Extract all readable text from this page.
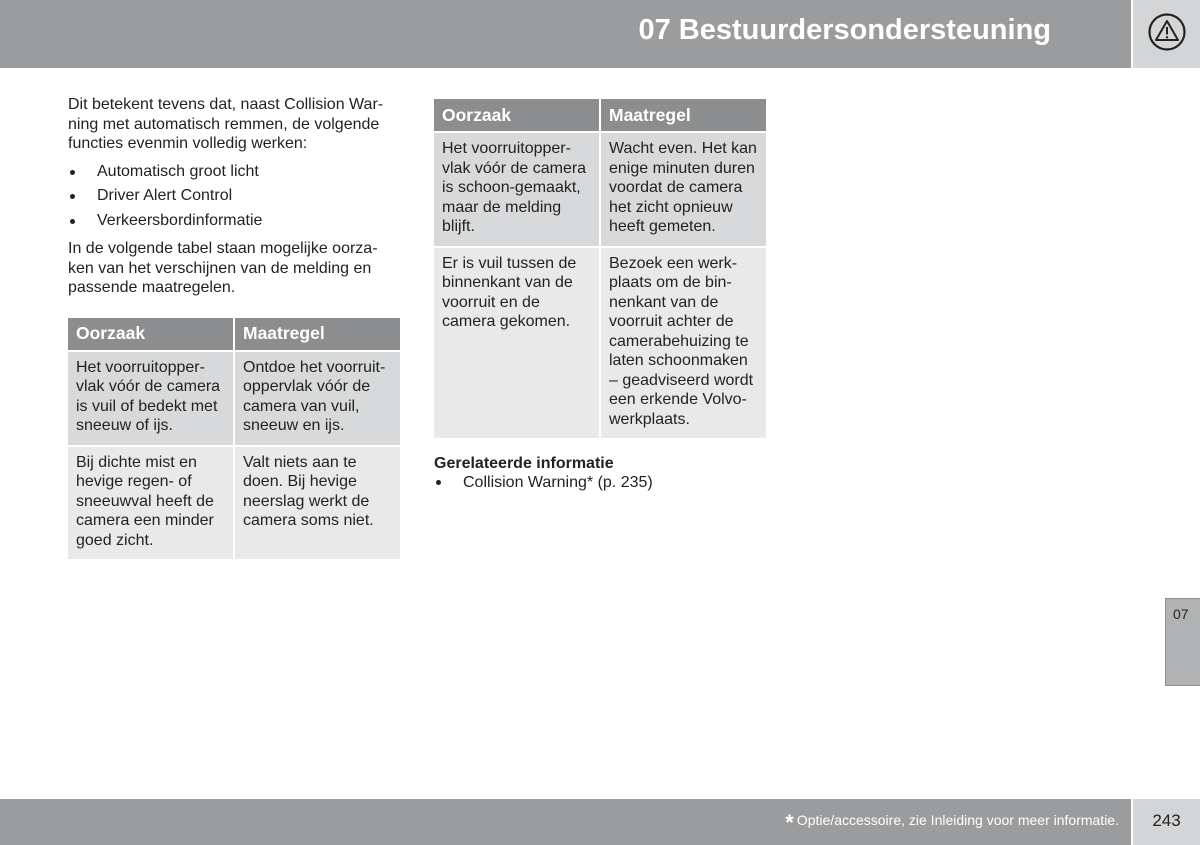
07 Bestuurdersondersteuning

Dit betekent tevens dat, naast Collision War-ning met automatisch remmen, de volgende functies evenmin volledig werken:

Automatisch groot licht
Driver Alert Control
Verkeersbordinformatie

In de volgende tabel staan mogelijke oorza-ken van het verschijnen van de melding en passende maatregelen.

Oorzaak	Maatregel
Het voorruitopper-vlak vóór de camera is vuil of bedekt met sneeuw of ijs.	Ontdoe het voorruit-oppervlak vóór de camera van vuil, sneeuw en ijs.
Bij dichte mist en hevige regen- of sneeuwval heeft de camera een minder goed zicht.	Valt niets aan te doen. Bij hevige neerslag werkt de camera soms niet.
Oorzaak	Maatregel
Het voorruitopper-vlak vóór de camera is schoon-gemaakt, maar de melding blijft.	Wacht even. Het kan enige minuten duren voordat de camera het zicht opnieuw heeft gemeten.
Er is vuil tussen de binnenkant van de voorruit en de camera gekomen.	Bezoek een werk-plaats om de bin-nenkant van de voorruit achter de camerabehuizing te laten schoonmaken – geadviseerd wordt een erkende Volvo-werkplaats.
Gerelateerde informatie
Collision Warning* (p. 235)
07
* Optie/accessoire, zie Inleiding voor meer informatie.	243
